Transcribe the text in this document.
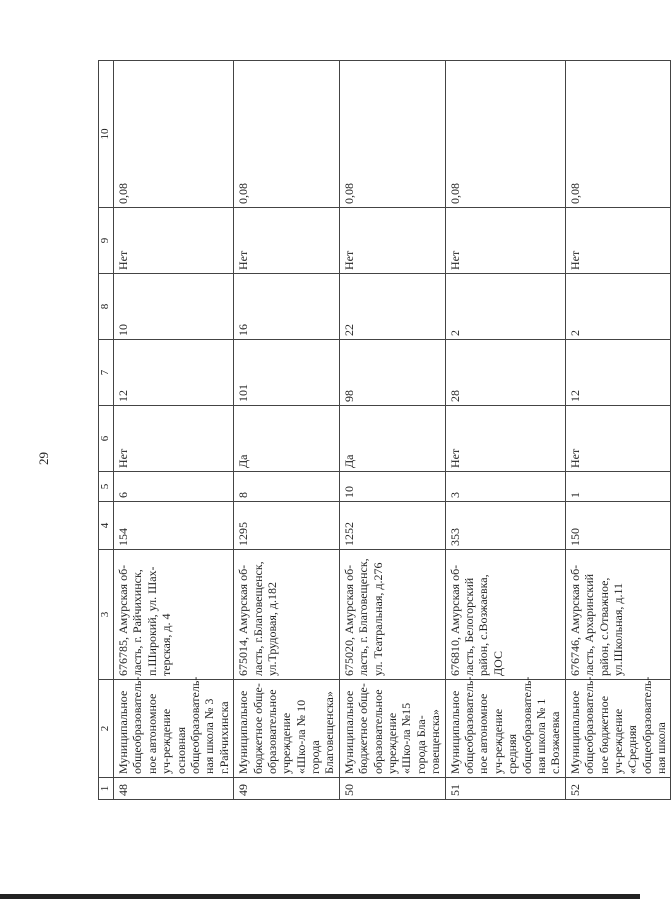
29
1	2	3	4	5	6	7	8	9	10
48	Муниципальное общеобразователь-ное автономное уч-реждение основная общеобразователь-ная школа № 3 г.Райчихинска	676785, Амурская об-ласть, г. Райчихинск, п.Широкий, ул. Шах-терская, д. 4	154	6	Нет	12	10	Нет	0,08
49	Муниципальное бюджетное обще-образовательное учреждение «Шко-ла № 10 города Благовещенска»	675014, Амурская об-ласть, г.Благовещенск, ул.Трудовая, д.182	1295	8	Да	101	16	Нет	0,08
50	Муниципальное бюджетное обще-образовательное учреждение «Шко-ла №15 города Бла-говещенска»	675020, Амурская об-ласть, г. Благовещенск, ул. Театральная, д.276	1252	10	Да	98	22	Нет	0,08
51	Муниципальное общеобразователь-ное автономное уч-реждение средняя общеобразователь-ная школа № 1 с.Возжаевка	676810, Амурская об-ласть, Белогорский район, с.Возжаевка, ДОС	353	3	Нет	28	2	Нет	0,08
52	Муниципальное общеобразователь-ное бюджетное уч-реждение «Средняя общеобразователь-ная школа	676746, Амурская об-ласть, Архаринский район, с.Отважное, ул.Школьная, д.11	150	1	Нет	12	2	Нет	0,08
